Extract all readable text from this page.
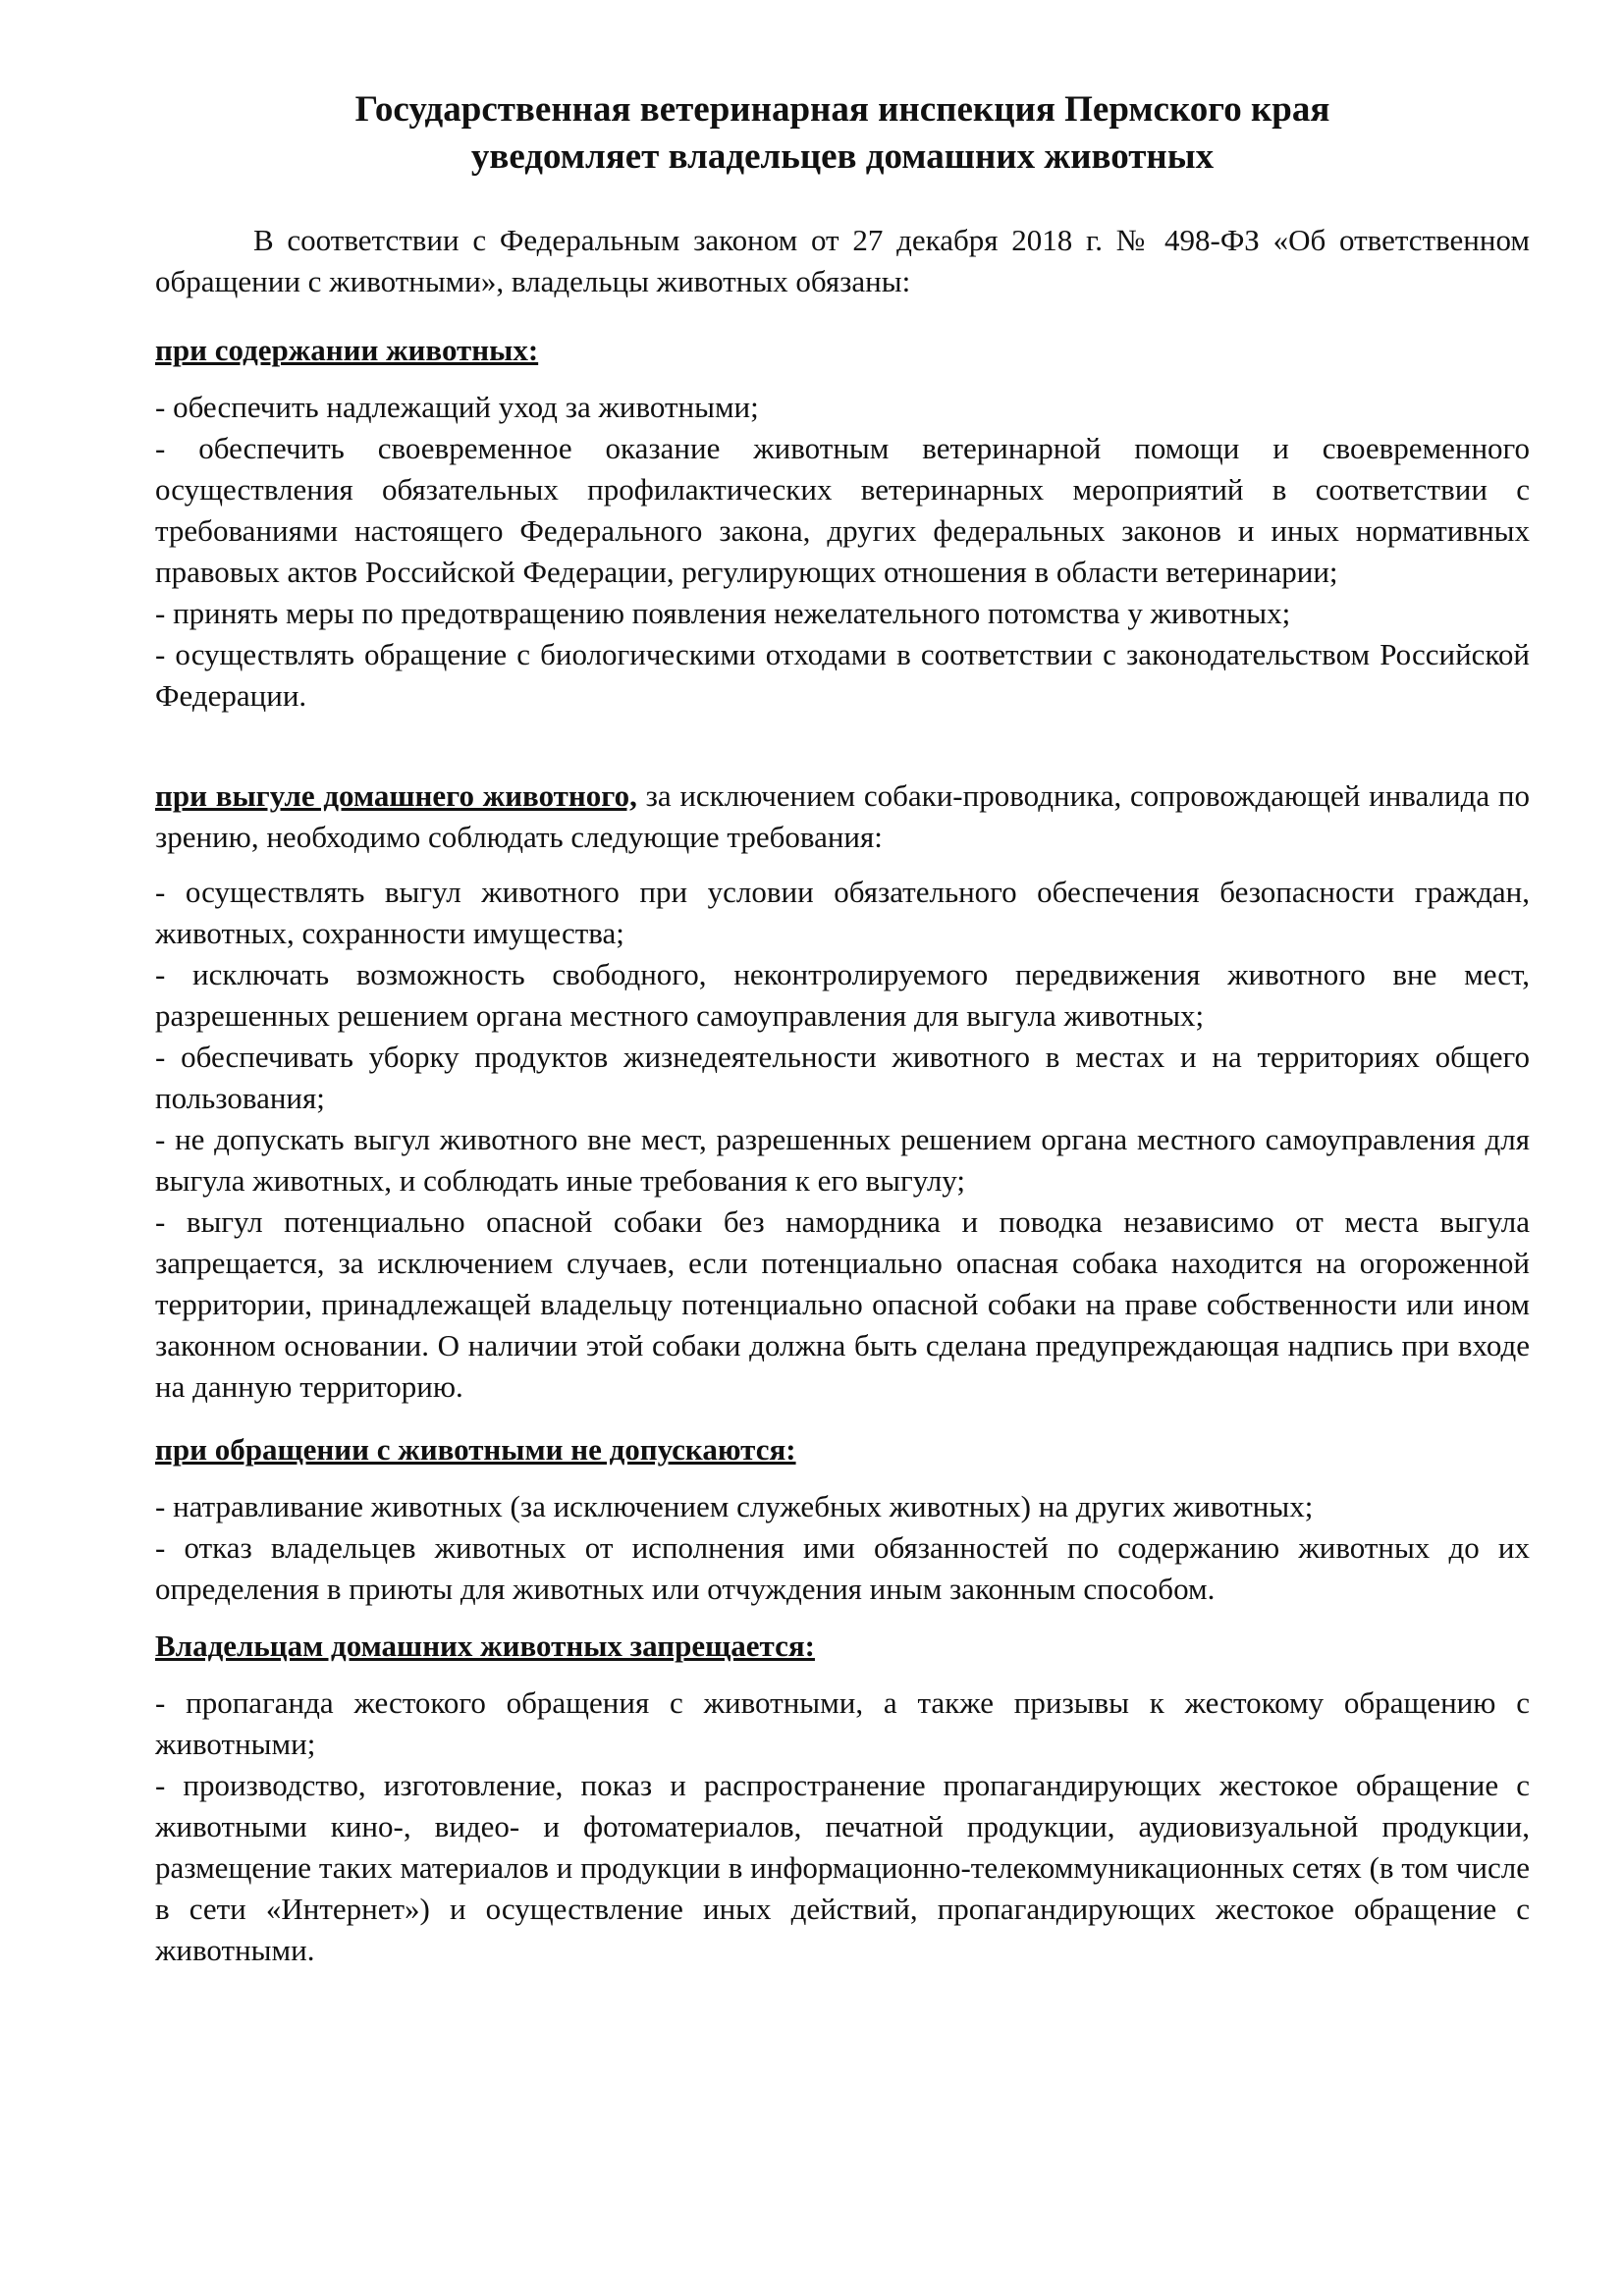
Государственная ветеринарная инспекция Пермского края
уведомляет владельцев домашних животных

В соответствии с Федеральным законом от 27 декабря 2018 г. № 498-ФЗ «Об ответственном обращении с животными», владельцы животных обязаны:

при содержании животных:

- обеспечить надлежащий уход за животными;
- обеспечить своевременное оказание животным ветеринарной помощи и своевременного осуществления обязательных профилактических ветеринарных мероприятий в соответствии с требованиями настоящего Федерального закона, других федеральных законов и иных нормативных правовых актов Российской Федерации, регулирующих отношения в области ветеринарии;
- принять меры по предотвращению появления нежелательного потомства у животных;
- осуществлять обращение с биологическими отходами в соответствии с законодательством Российской Федерации.

при выгуле домашнего животного, за исключением собаки-проводника, сопровождающей инвалида по зрению, необходимо соблюдать следующие требования:

- осуществлять выгул животного при условии обязательного обеспечения безопасности граждан, животных, сохранности имущества;
- исключать возможность свободного, неконтролируемого передвижения животного вне мест, разрешенных решением органа местного самоуправления для выгула животных;
- обеспечивать уборку продуктов жизнедеятельности животного в местах и на территориях общего пользования;
- не допускать выгул животного вне мест, разрешенных решением органа местного самоуправления для выгула животных, и соблюдать иные требования к его выгулу;
- выгул потенциально опасной собаки без намордника и поводка независимо от места выгула запрещается, за исключением случаев, если потенциально опасная собака находится на огороженной территории, принадлежащей владельцу потенциально опасной собаки на праве собственности или ином законном основании. О наличии этой собаки должна быть сделана предупреждающая надпись при входе на данную территорию.

при обращении с животными не допускаются:

- натравливание животных (за исключением служебных животных) на других животных;
- отказ владельцев животных от исполнения ими обязанностей по содержанию животных до их определения в приюты для животных или отчуждения иным законным способом.

Владельцам домашних животных запрещается:

- пропаганда жестокого обращения с животными, а также призывы к жестокому обращению с животными;
- производство, изготовление, показ и распространение пропагандирующих жестокое обращение с животными кино-, видео- и фотоматериалов, печатной продукции, аудиовизуальной продукции, размещение таких материалов и продукции в информационно-телекоммуникационных сетях (в том числе в сети «Интернет») и осуществление иных действий, пропагандирующих жестокое обращение с животными.
